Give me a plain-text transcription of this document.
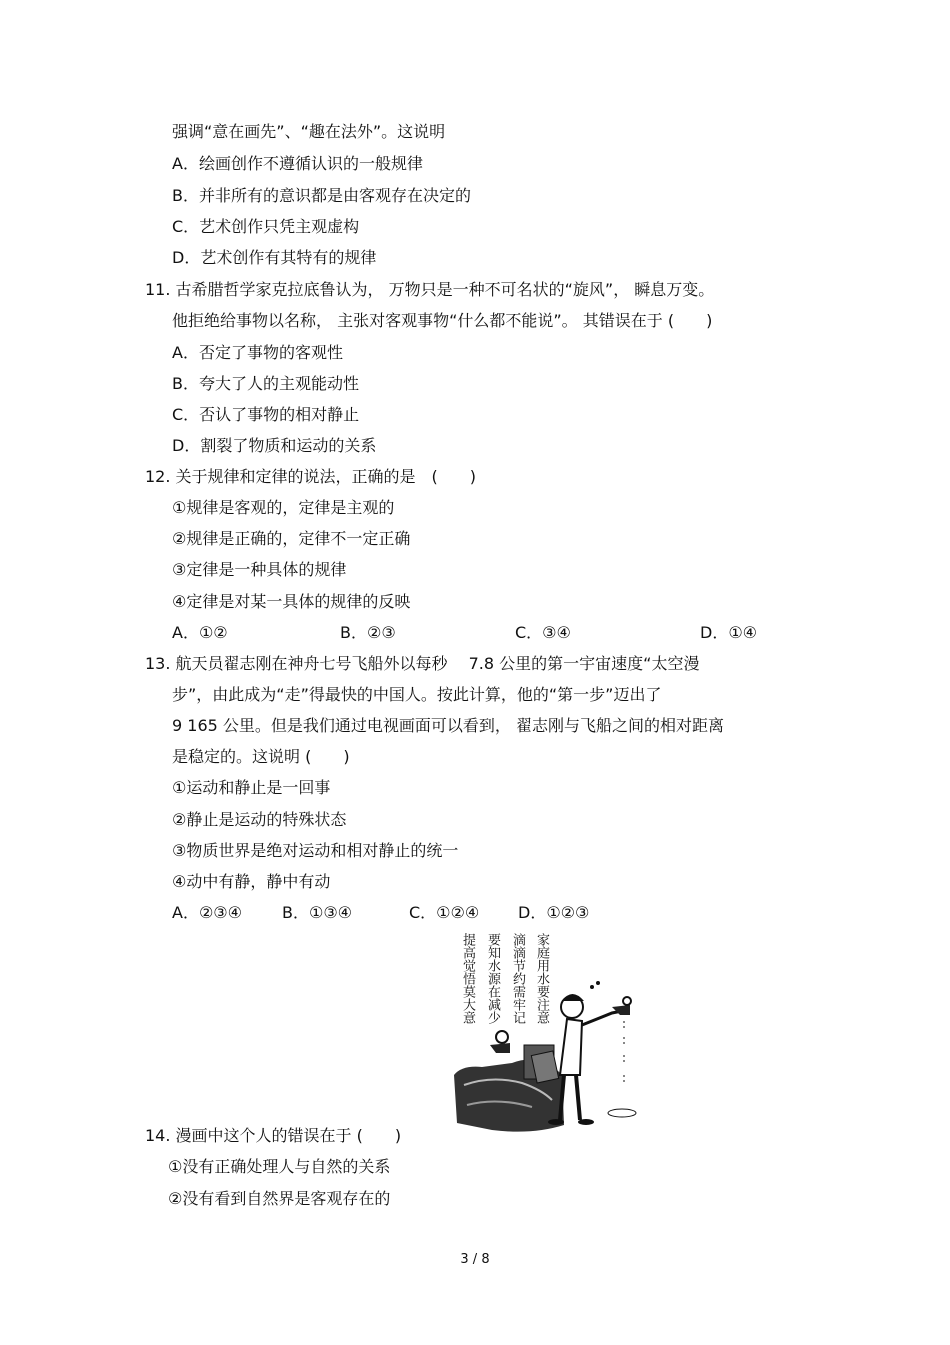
强调“意在画先”、“趣在法外”。这说明
A．绘画创作不遵循认识的一般规律
B．并非所有的意识都是由客观存在决定的
C．艺术创作只凭主观虚构
D．艺术创作有其特有的规律
11. 古希腊哲学家克拉底鲁认为， 万物只是一种不可名状的“旋风”， 瞬息万变。
他拒绝给事物以名称， 主张对客观事物“什么都不能说”。 其错误在于 (　　)
A．否定了事物的客观性
B．夸大了人的主观能动性
C．否认了事物的相对静止
D．割裂了物质和运动的关系
12. 关于规律和定律的说法，正确的是　(　　)
①规律是客观的，定律是主观的
②规律是正确的，定律不一定正确
③定律是一种具体的规律
④定律是对某一具体的规律的反映
A．①②	B．②③	C．③④	D．①④
13. 航天员翟志刚在神舟七号飞船外以每秒　 7.8 公里的第一宇宙速度“太空漫
步”，由此成为“走”得最快的中国人。按此计算，他的“第一步”迈出了
9 165 公里。但是我们通过电视画面可以看到， 翟志刚与飞船之间的相对距离
是稳定的。这说明 (　　)
①运动和静止是一回事
②静止是运动的特殊状态
③物质世界是绝对运动和相对静止的统一
④动中有静，静中有动
A．②③④	B．①③④	C．①②④ D．①②③
家庭用水要注意
滴滴节约需牢记
要知水源在减少
提高觉悟莫大意
14. 漫画中这个人的错误在于 (　　)
①没有正确处理人与自然的关系
②没有看到自然界是客观存在的
3 / 8
